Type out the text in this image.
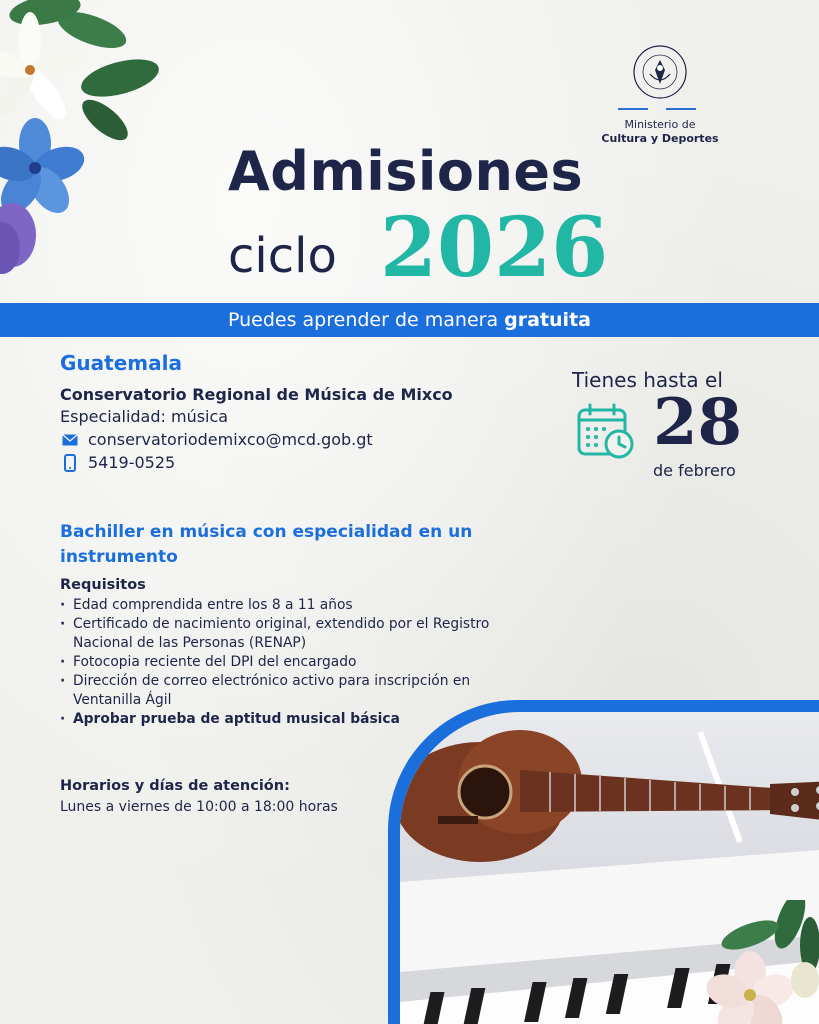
Ministerio de
Cultura y Deportes
Admisiones
ciclo 2026
Puedes aprender de manera gratuita
Guatemala
Conservatorio Regional de Música de Mixco
Especialidad: música
conservatoriodemixco@mcd.gob.gt
5419-0525
Tienes hasta el
28
de febrero
Bachiller en música con especialidad en un instrumento
Requisitos
· Edad comprendida entre los 8 a 11 años
· Certificado de nacimiento original, extendido por el Registro Nacional de las Personas (RENAP)
· Fotocopia reciente del DPI del encargado
· Dirección de correo electrónico activo para inscripción en Ventanilla Ágil
· Aprobar prueba de aptitud musical básica
Horarios y días de atención:
Lunes a viernes de 10:00 a 18:00 horas
